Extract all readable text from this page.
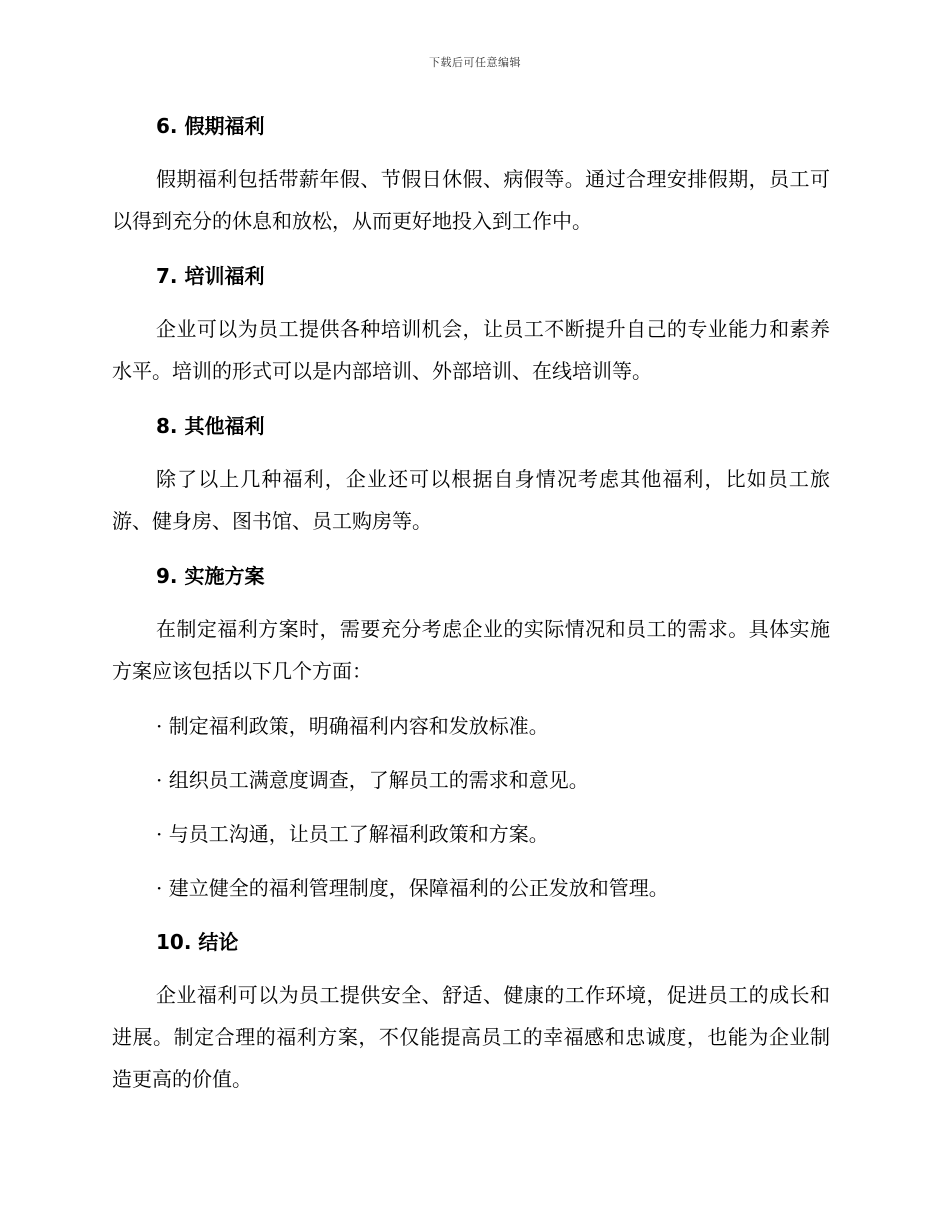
下载后可任意编辑
6. 假期福利

假期福利包括带薪年假、节假日休假、病假等。通过合理安排假期，员工可以得到充分的休息和放松，从而更好地投入到工作中。

7. 培训福利

企业可以为员工提供各种培训机会，让员工不断提升自己的专业能力和素养水平。培训的形式可以是内部培训、外部培训、在线培训等。

8. 其他福利

除了以上几种福利，企业还可以根据自身情况考虑其他福利，比如员工旅游、健身房、图书馆、员工购房等。

9. 实施方案

在制定福利方案时，需要充分考虑企业的实际情况和员工的需求。具体实施方案应该包括以下几个方面：

· 制定福利政策，明确福利内容和发放标准。
· 组织员工满意度调查，了解员工的需求和意见。
· 与员工沟通，让员工了解福利政策和方案。
· 建立健全的福利管理制度，保障福利的公正发放和管理。
10. 结论

企业福利可以为员工提供安全、舒适、健康的工作环境，促进员工的成长和进展。制定合理的福利方案，不仅能提高员工的幸福感和忠诚度，也能为企业制造更高的价值。
